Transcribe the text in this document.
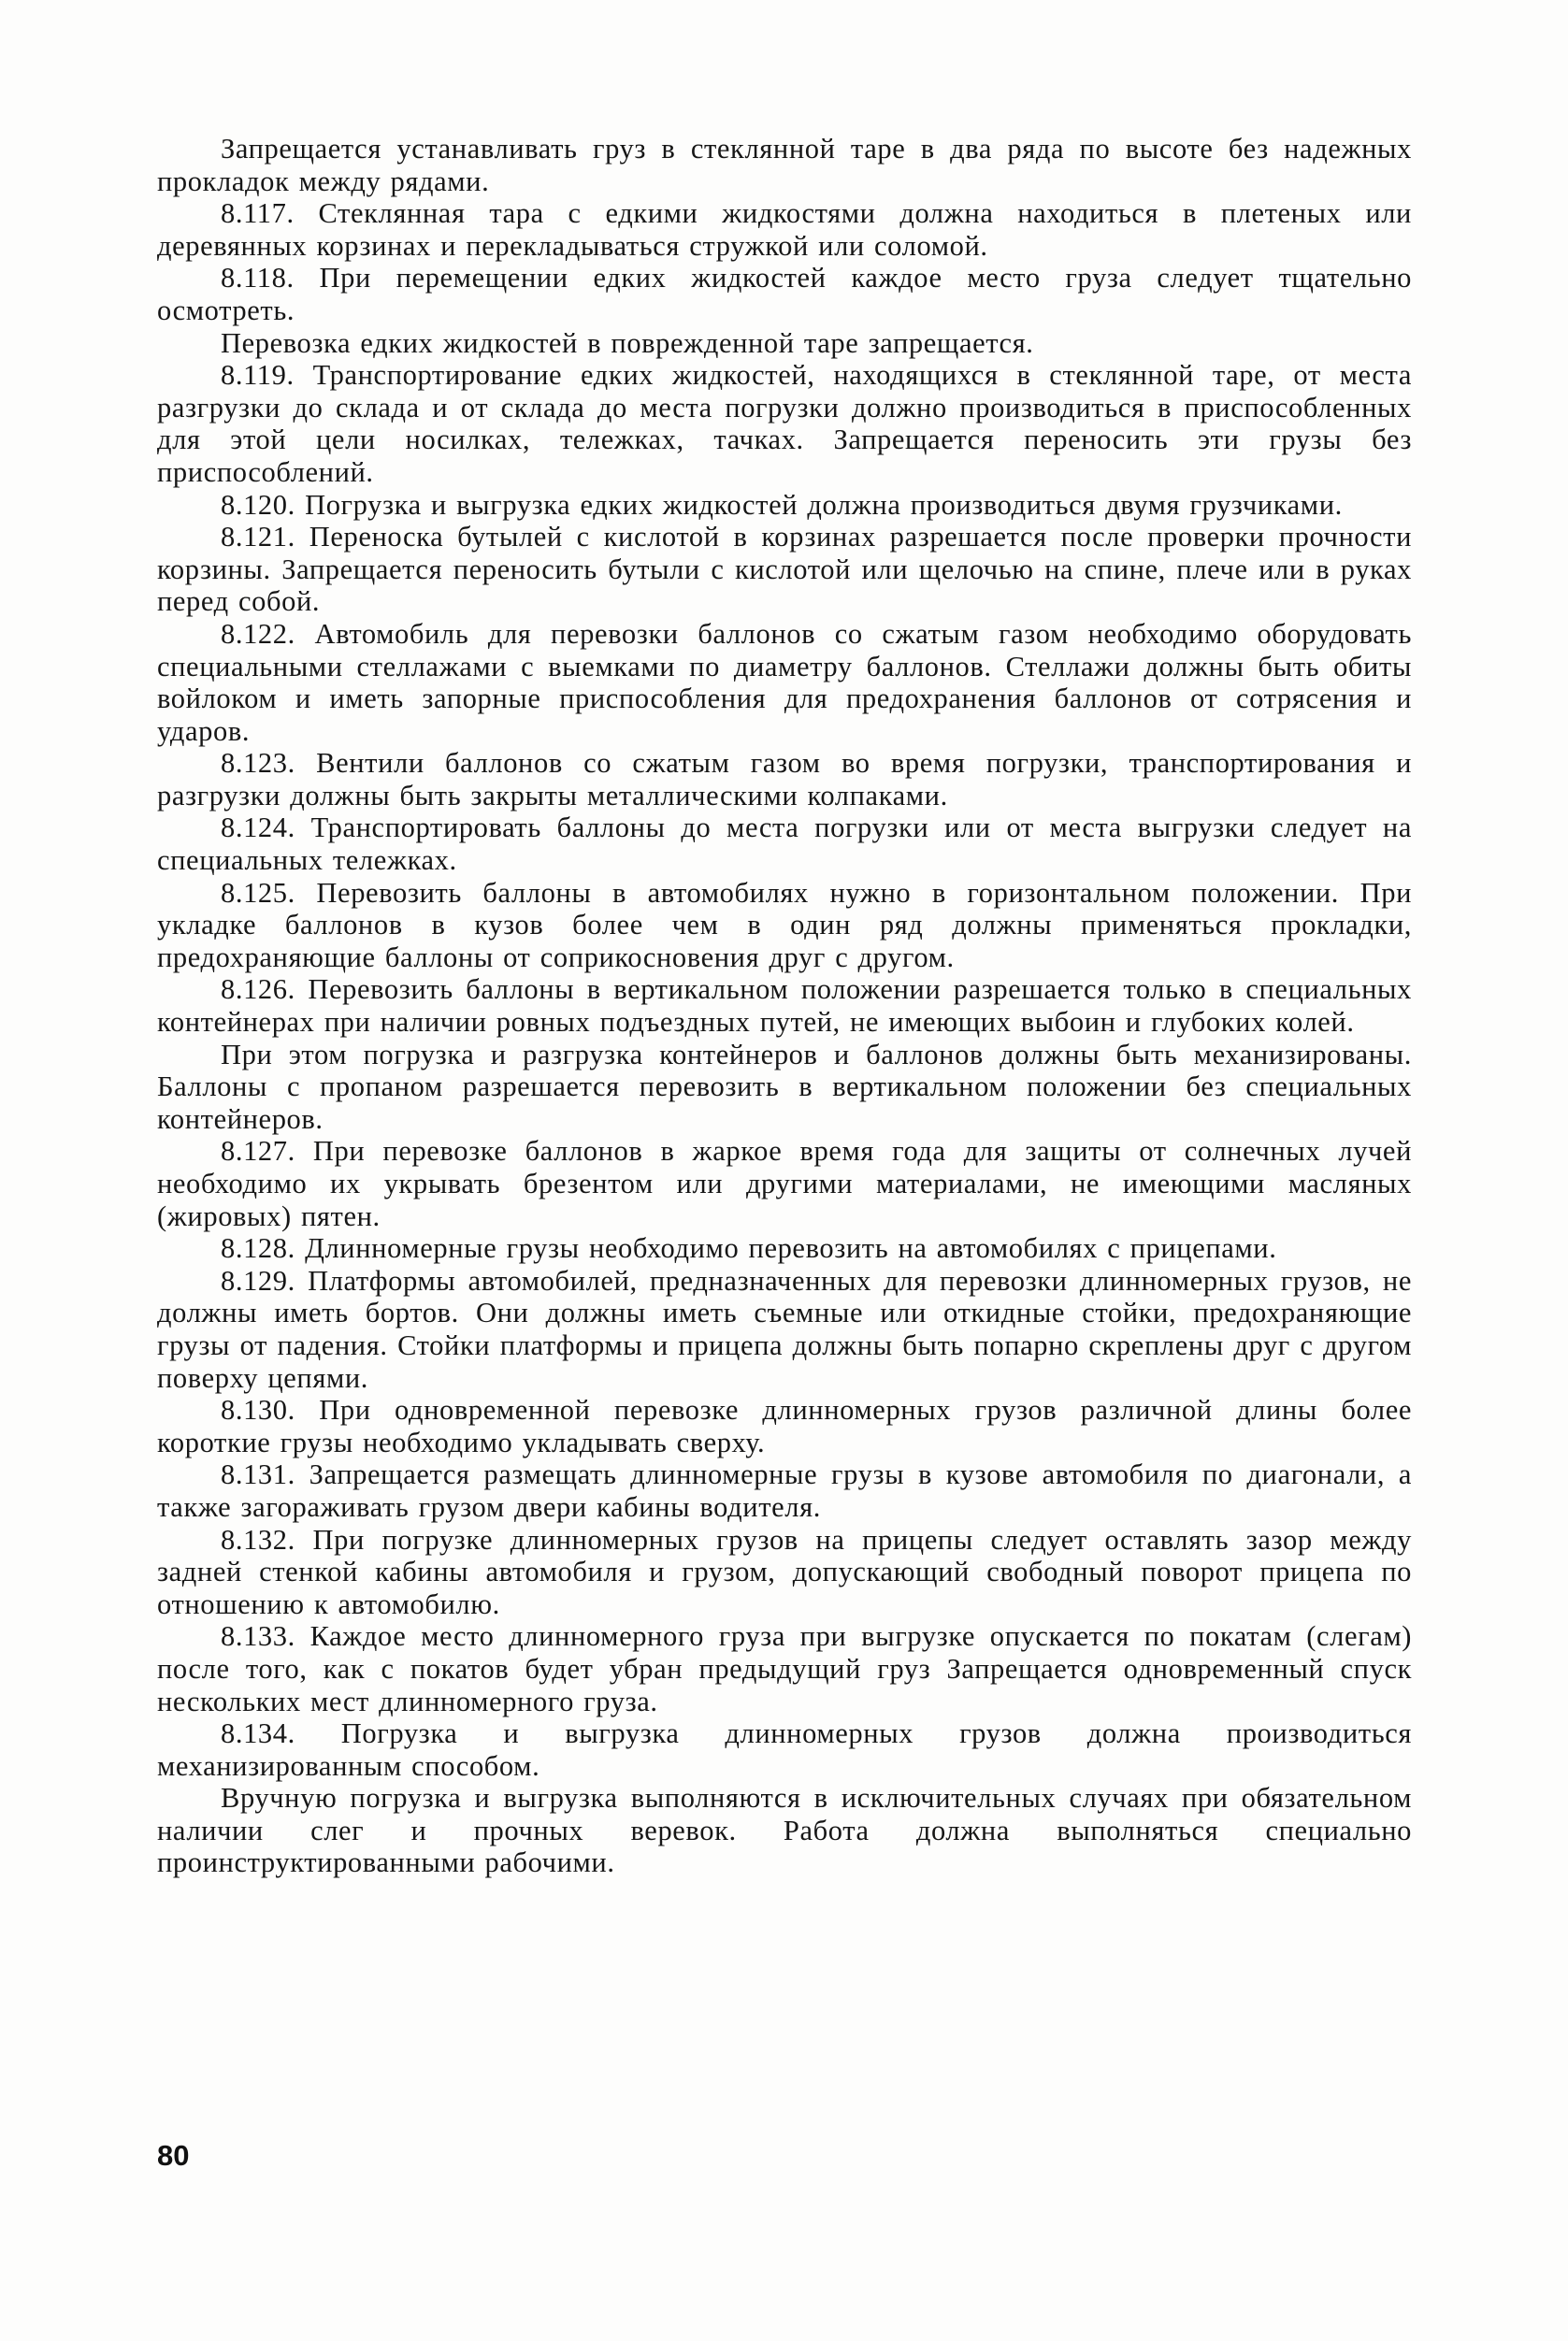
Запрещается устанавливать груз в стеклянной таре в два ряда по высоте без надежных прокладок между рядами.

8.117. Стеклянная тара с едкими жидкостями должна находиться в плетеных или деревянных корзинах и перекладываться стружкой или соломой.

8.118. При перемещении едких жидкостей каждое место груза следует тщательно осмотреть.

Перевозка едких жидкостей в поврежденной таре запрещается.

8.119. Транспортирование едких жидкостей, находящихся в стеклянной таре, от места разгрузки до склада и от склада до места погрузки должно производиться в приспособленных для этой цели носилках, тележках, тачках. Запрещается переносить эти грузы без приспособлений.

8.120. Погрузка и выгрузка едких жидкостей должна производиться двумя грузчиками.

8.121. Переноска бутылей с кислотой в корзинах разрешается после проверки прочности корзины. Запрещается переносить бутыли с кислотой или щелочью на спине, плече или в руках перед собой.

8.122. Автомобиль для перевозки баллонов со сжатым газом необходимо оборудовать специальными стеллажами с выемками по диаметру баллонов. Стеллажи должны быть обиты войлоком и иметь запорные приспособления для предохранения баллонов от сотрясения и ударов.

8.123. Вентили баллонов со сжатым газом во время погрузки, транспортирования и разгрузки должны быть закрыты металлическими колпаками.

8.124. Транспортировать баллоны до места погрузки или от места выгрузки следует на специальных тележках.

8.125. Перевозить баллоны в автомобилях нужно в горизонтальном положении. При укладке баллонов в кузов более чем в один ряд должны применяться прокладки, предохраняющие баллоны от соприкосновения друг с другом.

8.126. Перевозить баллоны в вертикальном положении разрешается только в специальных контейнерах при наличии ровных подъездных путей, не имеющих выбоин и глубоких колей.

При этом погрузка и разгрузка контейнеров и баллонов должны быть механизированы. Баллоны с пропаном разрешается перевозить в вертикальном положении без специальных контейнеров.

8.127. При перевозке баллонов в жаркое время года для защиты от солнечных лучей необходимо их укрывать брезентом или другими материалами, не имеющими масляных (жировых) пятен.

8.128. Длинномерные грузы необходимо перевозить на автомобилях с прицепами.

8.129. Платформы автомобилей, предназначенных для перевозки длинномерных грузов, не должны иметь бортов. Они должны иметь съемные или откидные стойки, предохраняющие грузы от падения. Стойки платформы и прицепа должны быть попарно скреплены друг с другом поверху цепями.

8.130. При одновременной перевозке длинномерных грузов различной длины более короткие грузы необходимо укладывать сверху.

8.131. Запрещается размещать длинномерные грузы в кузове автомобиля по диагонали, а также загораживать грузом двери кабины водителя.

8.132. При погрузке длинномерных грузов на прицепы следует оставлять зазор между задней стенкой кабины автомобиля и грузом, допускающий свободный поворот прицепа по отношению к автомобилю.

8.133. Каждое место длинномерного груза при выгрузке опускается по покатам (слегам) после того, как с покатов будет убран предыдущий груз Запрещается одновременный спуск нескольких мест длинномерного груза.

8.134. Погрузка и выгрузка длинномерных грузов должна производиться механизированным способом.

Вручную погрузка и выгрузка выполняются в исключительных случаях при обязательном наличии слег и прочных веревок. Работа должна выполняться специально проинструктированными рабочими.

80
